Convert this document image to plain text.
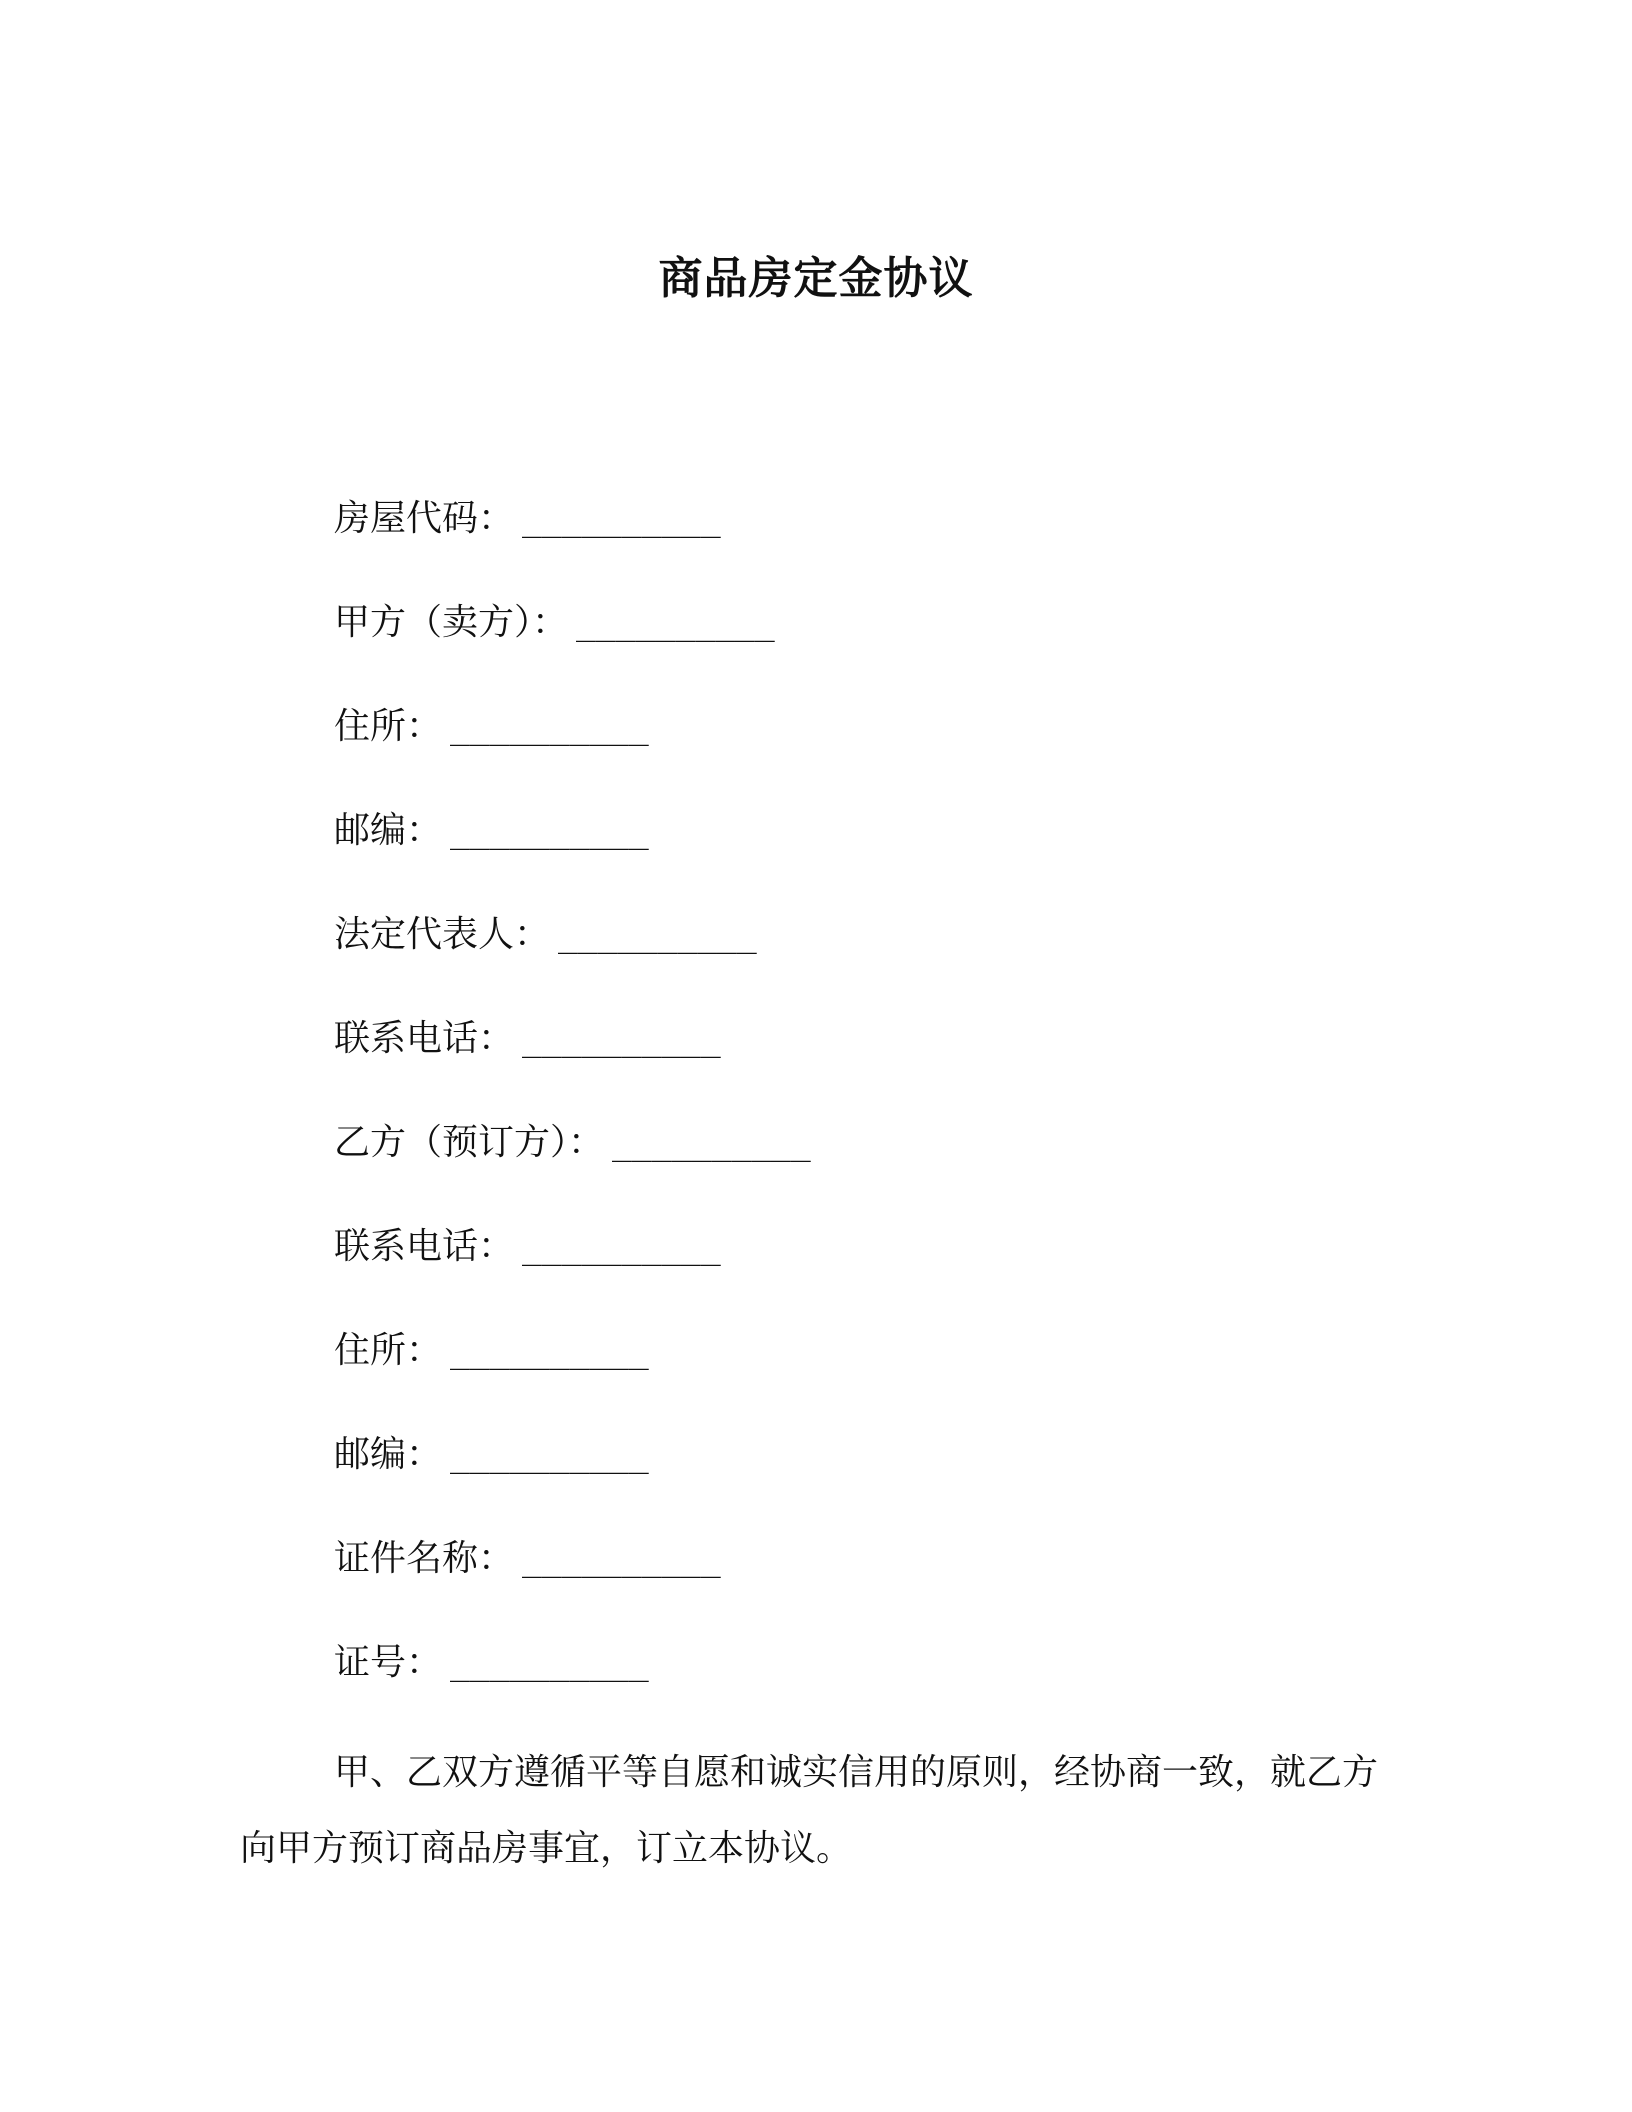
商品房定金协议
房屋代码： __________
甲方（卖方）： __________
住所： __________
邮编： __________
法定代表人： __________
联系电话： __________
乙方（预订方）： __________
联系电话： __________
住所： __________
邮编： __________
证件名称： __________
证号： __________

甲、乙双方遵循平等自愿和诚实信用的原则，经协商一致，就乙方向甲方预订商品房事宜，订立本协议。
